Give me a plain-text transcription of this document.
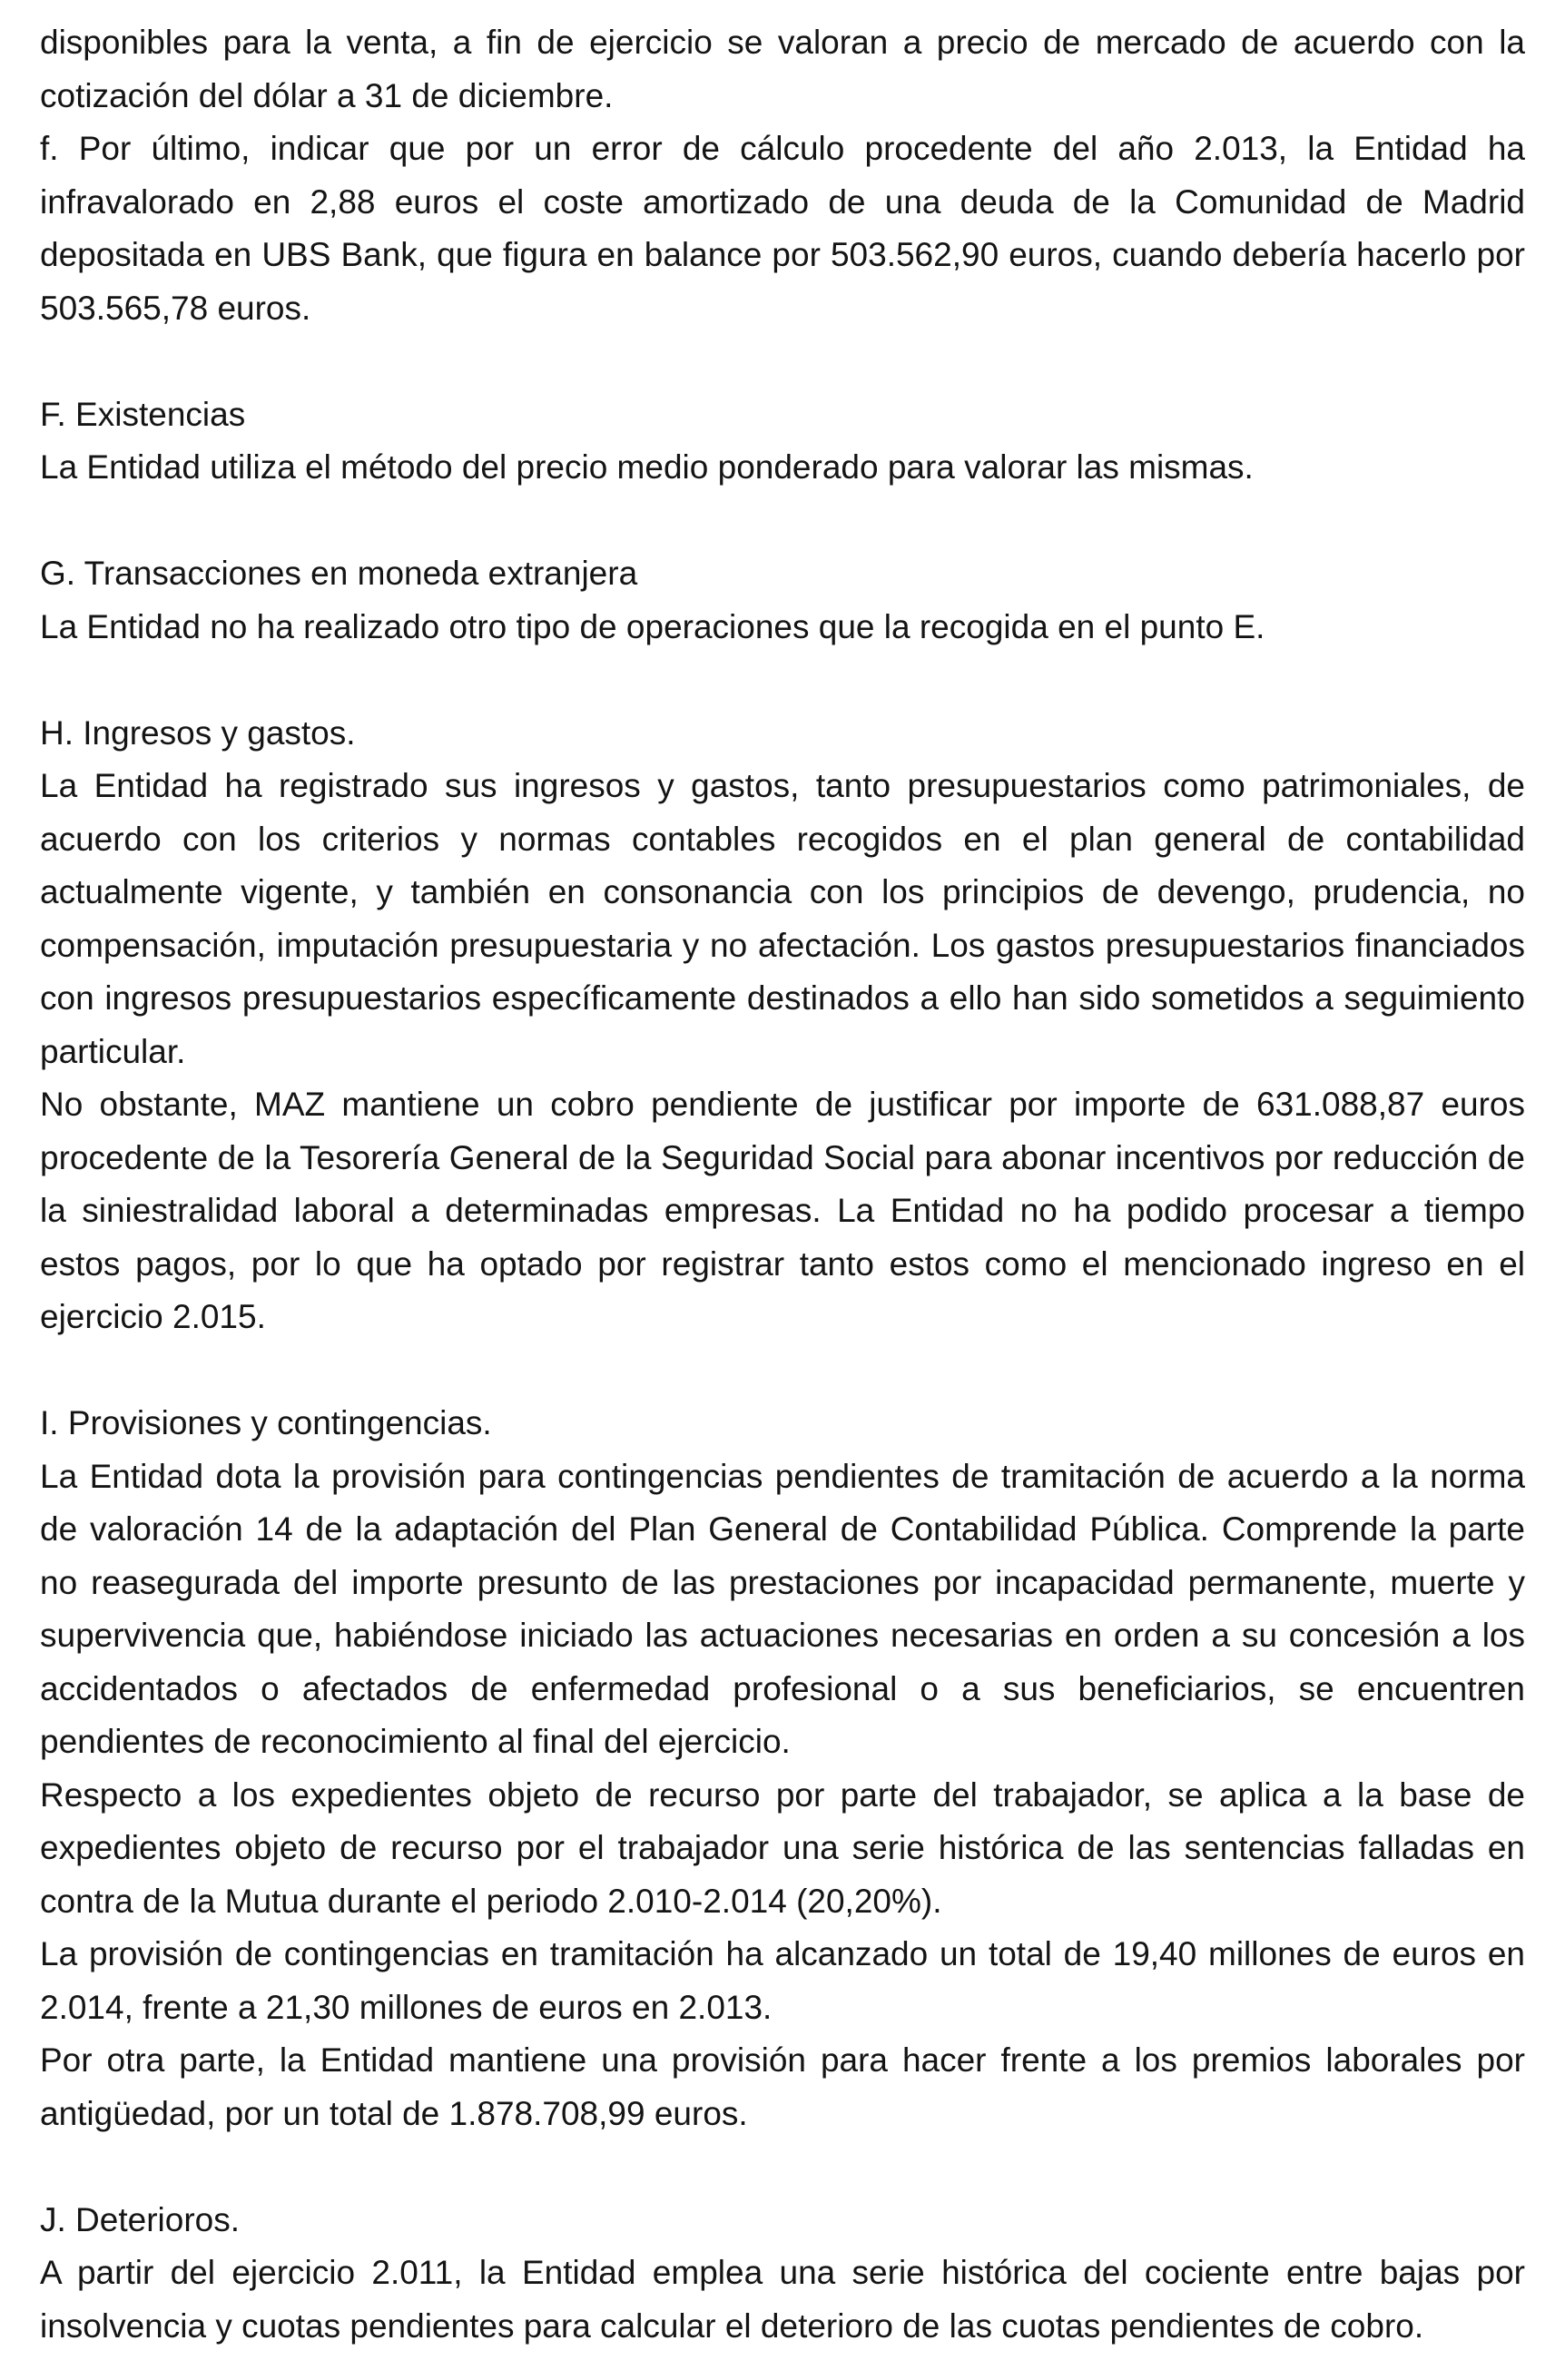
disponibles para la venta, a fin de ejercicio se valoran a precio de mercado de acuerdo con la cotización del dólar a 31 de diciembre.

f. Por último, indicar que por un error de cálculo procedente del año 2.013, la Entidad ha infravalorado en 2,88 euros el coste amortizado de una deuda de la Comunidad de Madrid depositada en UBS Bank, que figura en balance por 503.562,90 euros, cuando debería hacerlo por 503.565,78 euros.

F. Existencias

La Entidad utiliza el método del precio medio ponderado para valorar las mismas.

G. Transacciones en moneda extranjera

La Entidad no ha realizado otro tipo de operaciones que la recogida en el punto E.

H. Ingresos y gastos.

La Entidad ha registrado sus ingresos y gastos, tanto presupuestarios como patrimoniales, de acuerdo con los criterios y normas contables recogidos en el plan general de contabilidad actualmente vigente, y también en consonancia con los principios de devengo, prudencia, no compensación, imputación presupuestaria y no afectación. Los gastos presupuestarios financiados con ingresos presupuestarios específicamente destinados a ello han sido sometidos a seguimiento particular.

No obstante, MAZ mantiene un cobro pendiente de justificar por importe de 631.088,87 euros procedente de la Tesorería General de la Seguridad Social para abonar incentivos por reducción de la siniestralidad laboral a determinadas empresas. La Entidad no ha podido procesar a tiempo estos pagos, por lo que ha optado por registrar tanto estos como el mencionado ingreso en el ejercicio 2.015.

I. Provisiones y contingencias.

La Entidad dota la provisión para contingencias pendientes de tramitación de acuerdo a la norma de valoración 14 de la adaptación del Plan General de Contabilidad Pública. Comprende la parte no reasegurada del importe presunto de las prestaciones por incapacidad permanente, muerte y supervivencia que, habiéndose iniciado las actuaciones necesarias en orden a su concesión a los accidentados o afectados de enfermedad profesional o a sus beneficiarios, se encuentren pendientes de reconocimiento al final del ejercicio.

Respecto a los expedientes objeto de recurso por parte del trabajador, se aplica a la base de expedientes objeto de recurso por el trabajador una serie histórica de las sentencias falladas en contra de la Mutua durante el periodo 2.010-2.014 (20,20%).

La provisión de contingencias en tramitación ha alcanzado un total de 19,40 millones de euros en 2.014, frente a 21,30 millones de euros en 2.013.

Por otra parte, la Entidad mantiene una provisión para hacer frente a los premios laborales por antigüedad, por un total de 1.878.708,99 euros.

J. Deterioros.

A partir del ejercicio 2.011, la Entidad emplea una serie histórica del cociente entre bajas por insolvencia y cuotas pendientes para calcular el deterioro de las cuotas pendientes de cobro.
